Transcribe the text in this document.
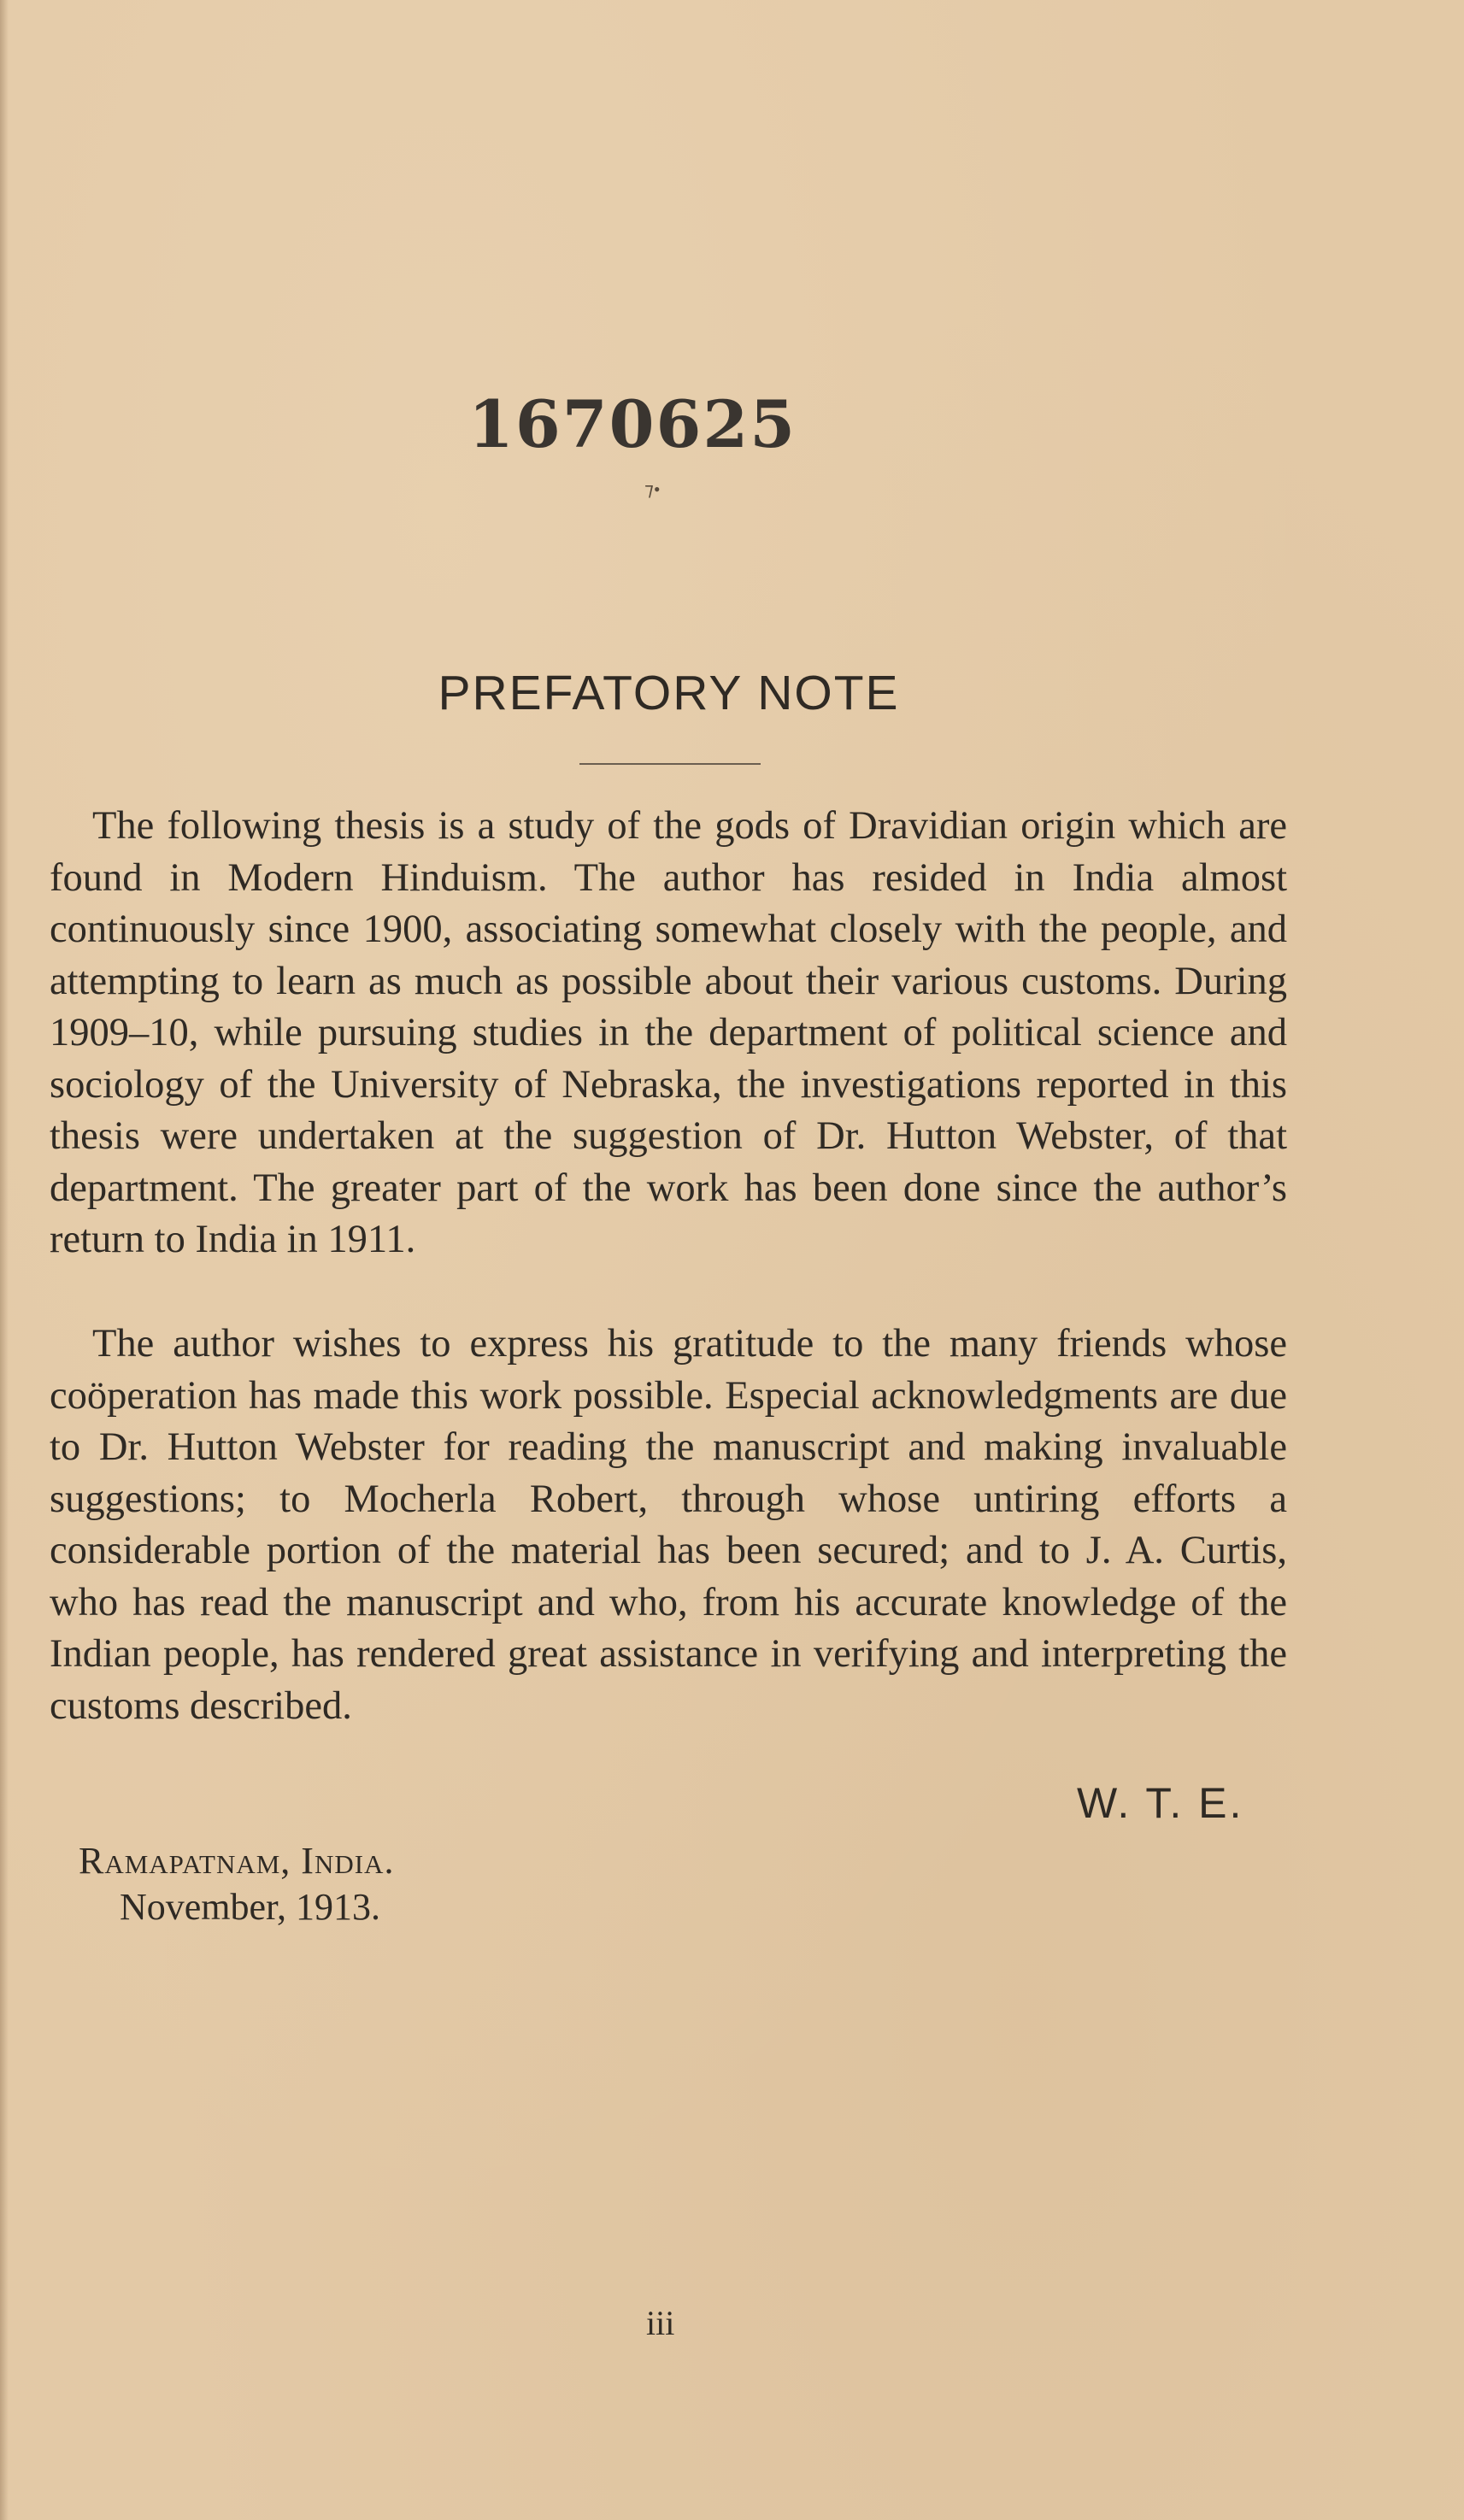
1670625
⁊•
PREFATORY NOTE

The following thesis is a study of the gods of Dravidian origin which are found in Modern Hinduism. The author has resided in India almost continuously since 1900, associating somewhat closely with the people, and attempting to learn as much as possible about their various customs. During 1909–10, while pursuing studies in the department of political science and sociology of the University of Nebraska, the investigations reported in this thesis were undertaken at the suggestion of Dr. Hutton Webster, of that department. The greater part of the work has been done since the author’s return to India in 1911.

The author wishes to express his gratitude to the many friends whose coöperation has made this work possible. Especial acknowledgments are due to Dr. Hutton Webster for reading the manuscript and making invaluable suggestions; to Mocherla Robert, through whose untiring efforts a considerable portion of the material has been secured; and to J. A. Curtis, who has read the manuscript and who, from his accurate knowledge of the Indian people, has rendered great assistance in verifying and interpreting the customs described.

W. T. E.
Ramapatnam, India.
November, 1913.
iii
